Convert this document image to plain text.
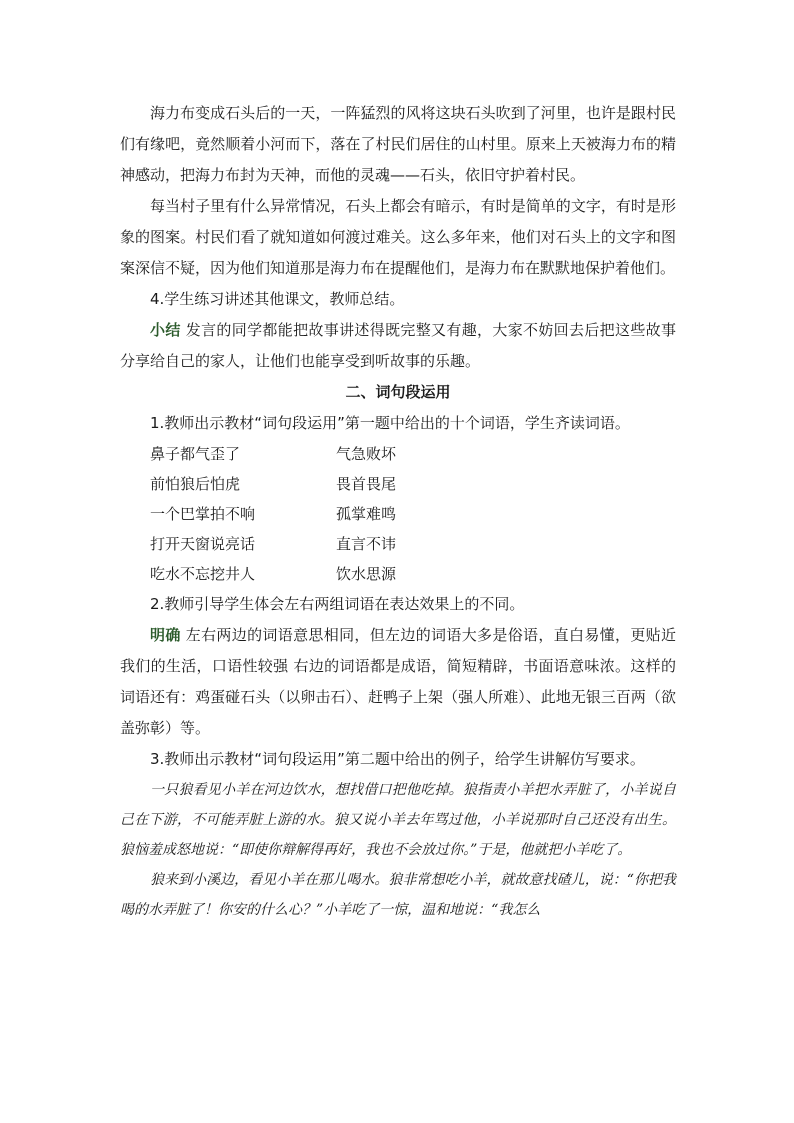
海力布变成石头后的一天，一阵猛烈的风将这块石头吹到了河里，也许是跟村民们有缘吧，竟然顺着小河而下，落在了村民们居住的山村里。原来上天被海力布的精神感动，把海力布封为天神，而他的灵魂——石头，依旧守护着村民。

每当村子里有什么异常情况，石头上都会有暗示，有时是简单的文字，有时是形象的图案。村民们看了就知道如何渡过难关。这么多年来，他们对石头上的文字和图案深信不疑，因为他们知道那是海力布在提醒他们，是海力布在默默地保护着他们。

4.学生练习讲述其他课文，教师总结。

小结 发言的同学都能把故事讲述得既完整又有趣，大家不妨回去后把这些故事分享给自己的家人，让他们也能享受到听故事的乐趣。

二、词句段运用

1.教师出示教材“词句段运用”第一题中给出的十个词语，学生齐读词语。

鼻子都气歪了	气急败坏
前怕狼后怕虎	畏首畏尾
一个巴掌拍不响	孤掌难鸣
打开天窗说亮话	直言不讳
吃水不忘挖井人	饮水思源

2.教师引导学生体会左右两组词语在表达效果上的不同。

明确 左右两边的词语意思相同，但左边的词语大多是俗语，直白易懂，更贴近我们的生活，口语性较强 右边的词语都是成语，简短精辟，书面语意味浓。这样的词语还有：鸡蛋碰石头（以卵击石）、赶鸭子上架（强人所难）、此地无银三百两（欲盖弥彰）等。

3.教师出示教材“词句段运用”第二题中给出的例子，给学生讲解仿写要求。

一只狼看见小羊在河边饮水，想找借口把他吃掉。狼指责小羊把水弄脏了，小羊说自己在下游，不可能弄脏上游的水。狼又说小羊去年骂过他，小羊说那时自己还没有出生。狼恼羞成怒地说：“即使你辩解得再好，我也不会放过你。”于是，他就把小羊吃了。

狼来到小溪边，看见小羊在那儿喝水。狼非常想吃小羊，就故意找碴儿，说：“你把我喝的水弄脏了！你安的什么心？”小羊吃了一惊，温和地说：“我怎么
